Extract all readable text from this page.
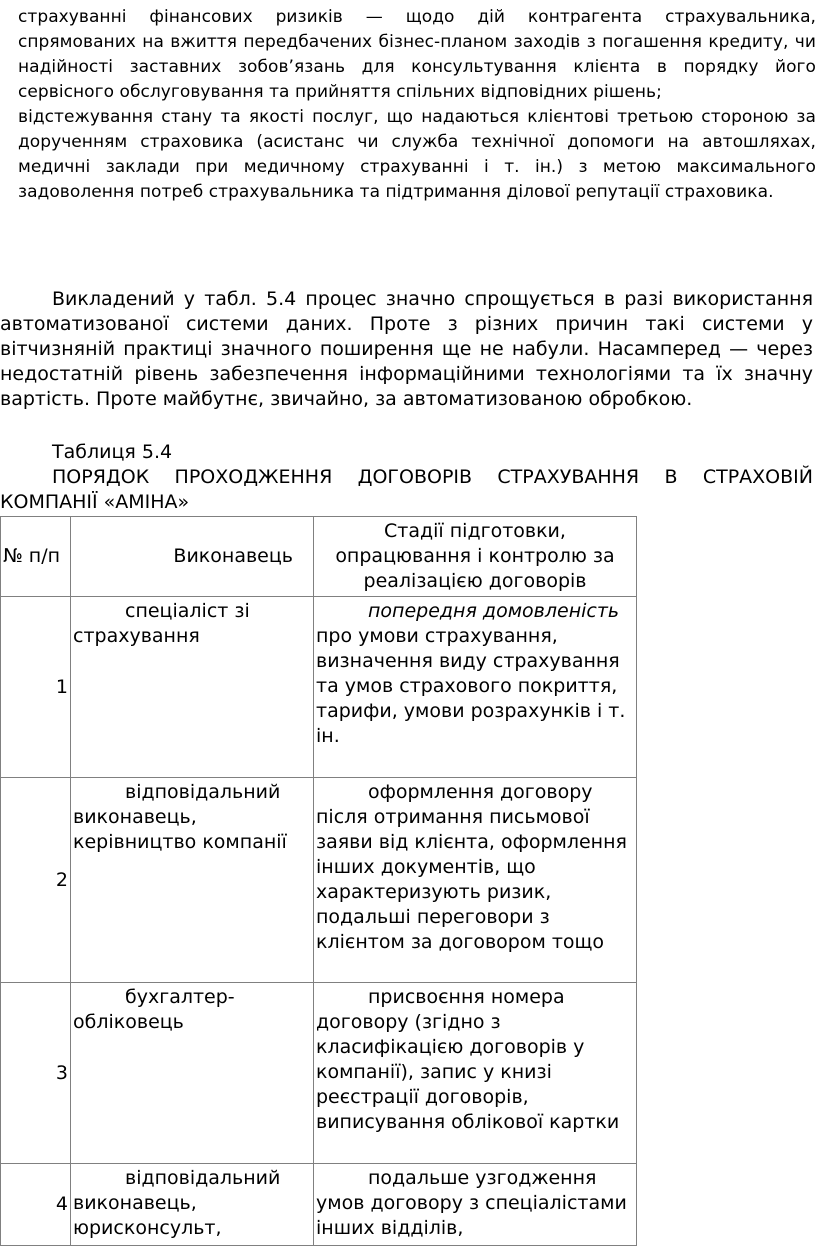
страхуванні фінансових ризиків — щодо дій контрагента страхувальника, спрямованих на вжиття передбачених бізнес-планом заходів з погашення кредиту, чи надійності заставних зобов’язань для консультування клієнта в порядку його сервісного обслуговування та прийняття спільних відповідних рішень;

відстежування стану та якості послуг, що надаються клієнтові третьою стороною за дорученням страховика (асистанс чи служба технічної допомоги на автошляхах, медичні заклади при медичному страхуванні і т. ін.) з метою максимального задоволення потреб страхувальника та підтримання ділової репутації страховика.

Викладений у табл. 5.4 процес значно спрощується в разі використання автоматизованої системи даних. Проте з різних причин такі системи у вітчизняній практиці значного поширення ще не набули. Насамперед — через недостатній рівень забезпечення інформаційними технологіями та їх значну вартість. Проте майбутнє, звичайно, за автоматизованою обробкою.

Таблиця 5.4
ПОРЯДОК ПРОХОДЖЕННЯ ДОГОВОРІВ СТРАХУВАННЯ В СТРАХОВІЙ КОМПАНІЇ «АМІНА»
№ п/п	Виконавець	Стадії підготовки, опрацювання і контролю за реалізацією договорів
1	спеціаліст зі страхування	попередня домовленість про умови страхування, визначення виду страхування та умов страхового покриття, тарифи, умови розрахунків і т. ін.

2	відповідальний виконавець, керівництво компанії	оформлення договору після отримання письмової заяви від клієнта, оформлення інших документів, що характеризують ризик, подальші переговори з клієнтом за договором тощо

3	бухгалтер-обліковець	присвоєння номера договору (згідно з класифікацією договорів у компанії), запис у книзі реєстрації договорів, виписування облікової картки

4	відповідальний виконавець, юрисконсульт,	подальше узгодження умов договору з спеціалістами інших відділів,
